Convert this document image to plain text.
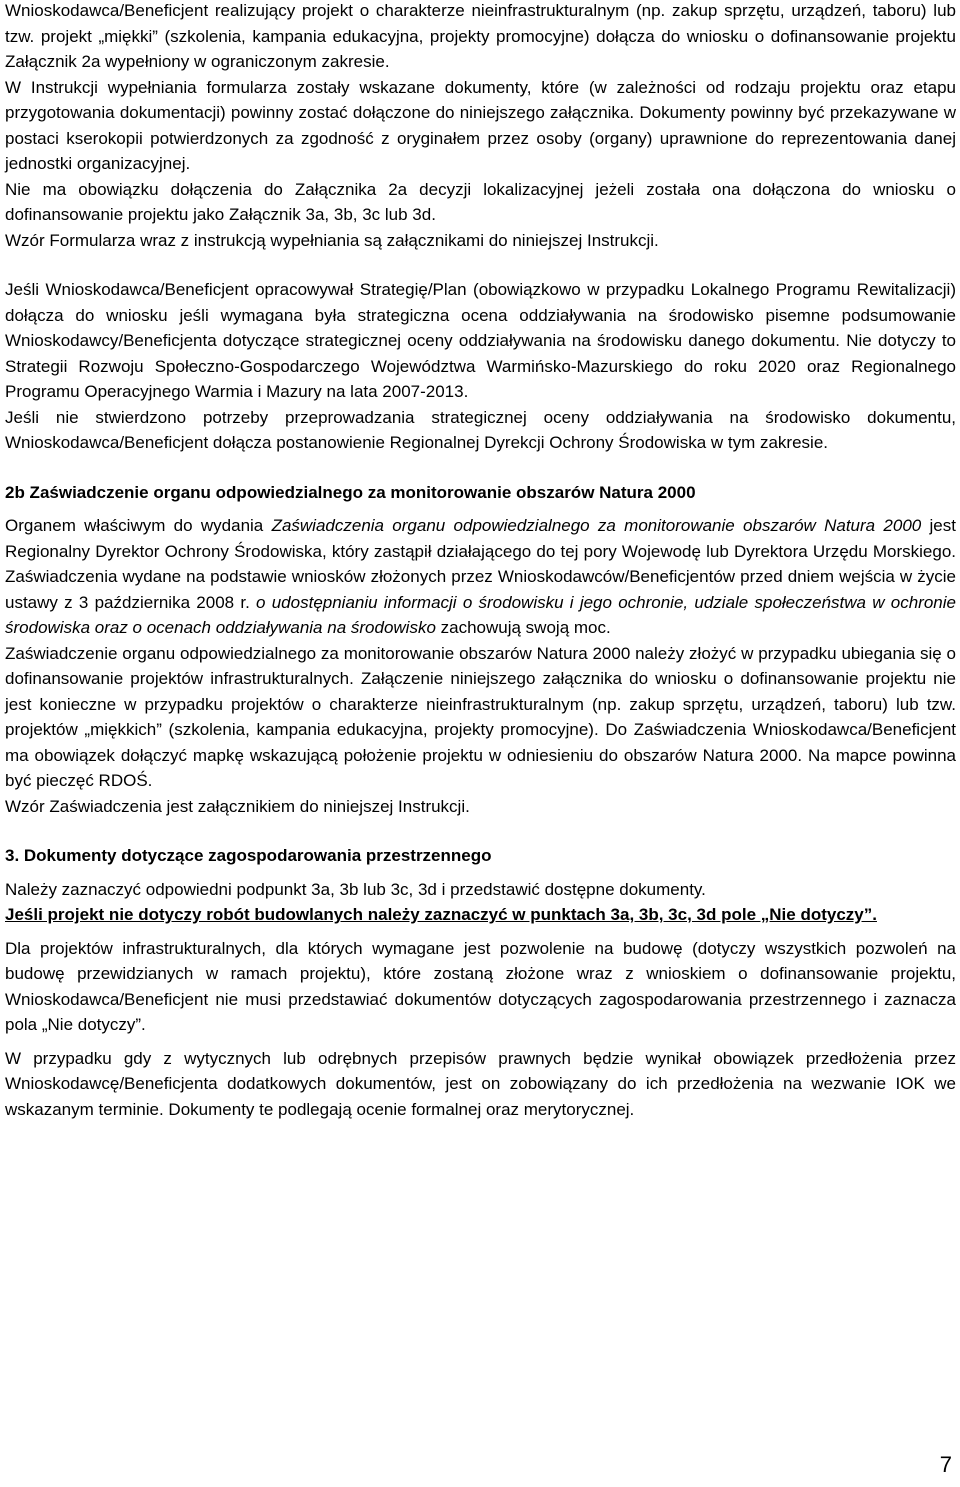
Wnioskodawca/Beneficjent realizujący projekt o charakterze nieinfrastrukturalnym (np. zakup sprzętu, urządzeń, taboru) lub tzw. projekt „miękki” (szkolenia, kampania edukacyjna, projekty promocyjne) dołącza do wniosku o dofinansowanie projektu Załącznik 2a wypełniony w ograniczonym zakresie.

W Instrukcji wypełniania formularza zostały wskazane dokumenty, które (w zależności od rodzaju projektu oraz etapu przygotowania dokumentacji) powinny zostać dołączone do niniejszego załącznika. Dokumenty powinny być przekazywane w postaci kserokopii potwierdzonych za zgodność z oryginałem przez osoby (organy) uprawnione do reprezentowania danej jednostki organizacyjnej.

Nie ma obowiązku dołączenia do Załącznika 2a decyzji lokalizacyjnej jeżeli została ona dołączona do wniosku o dofinansowanie projektu jako Załącznik 3a, 3b, 3c lub 3d.

Wzór Formularza wraz z instrukcją wypełniania są załącznikami do niniejszej Instrukcji.

Jeśli Wnioskodawca/Beneficjent opracowywał Strategię/Plan (obowiązkowo w przypadku Lokalnego Programu Rewitalizacji) dołącza do wniosku jeśli wymagana była strategiczna ocena oddziaływania na środowisko pisemne podsumowanie Wnioskodawcy/Beneficjenta dotyczące strategicznej oceny oddziaływania na środowisku danego dokumentu. Nie dotyczy to Strategii Rozwoju Społeczno-Gospodarczego Województwa Warmińsko-Mazurskiego do roku 2020 oraz Regionalnego Programu Operacyjnego Warmia i Mazury na lata 2007-2013.

Jeśli nie stwierdzono potrzeby przeprowadzania strategicznej oceny oddziaływania na środowisko dokumentu, Wnioskodawca/Beneficjent dołącza postanowienie Regionalnej Dyrekcji Ochrony Środowiska w tym zakresie.

2b Zaświadczenie organu odpowiedzialnego za monitorowanie obszarów Natura 2000

Organem właściwym do wydania Zaświadczenia organu odpowiedzialnego za monitorowanie obszarów Natura 2000 jest Regionalny Dyrektor Ochrony Środowiska, który zastąpił działającego do tej pory Wojewodę lub Dyrektora Urzędu Morskiego. Zaświadczenia wydane na podstawie wniosków złożonych przez Wnioskodawców/Beneficjentów przed dniem wejścia w życie ustawy z 3 października 2008 r. o udostępnianiu informacji o środowisku i jego ochronie, udziale społeczeństwa w ochronie środowiska oraz o ocenach oddziaływania na środowisko zachowują swoją moc.

Zaświadczenie organu odpowiedzialnego za monitorowanie obszarów Natura 2000 należy złożyć w przypadku ubiegania się o dofinansowanie projektów infrastrukturalnych. Załączenie niniejszego załącznika do wniosku o dofinansowanie projektu nie jest konieczne w przypadku projektów o charakterze nieinfrastrukturalnym (np. zakup sprzętu, urządzeń, taboru) lub tzw. projektów „miękkich” (szkolenia, kampania edukacyjna, projekty promocyjne). Do Zaświadczenia Wnioskodawca/Beneficjent ma obowiązek dołączyć mapkę wskazującą położenie projektu w odniesieniu do obszarów Natura 2000. Na mapce powinna być pieczęć RDOŚ.

Wzór Zaświadczenia jest załącznikiem do niniejszej Instrukcji.

3. Dokumenty dotyczące zagospodarowania przestrzennego

Należy zaznaczyć odpowiedni podpunkt 3a, 3b lub 3c, 3d i przedstawić dostępne dokumenty.

Jeśli projekt nie dotyczy robót budowlanych należy zaznaczyć w punktach 3a, 3b, 3c, 3d pole „Nie dotyczy”.

Dla projektów infrastrukturalnych, dla których wymagane jest pozwolenie na budowę (dotyczy wszystkich pozwoleń na budowę przewidzianych w ramach projektu), które zostaną złożone wraz z wnioskiem o dofinansowanie projektu, Wnioskodawca/Beneficjent nie musi przedstawiać dokumentów dotyczących zagospodarowania przestrzennego i zaznacza pola „Nie dotyczy”.

W przypadku gdy z wytycznych lub odrębnych przepisów prawnych będzie wynikał obowiązek przedłożenia przez Wnioskodawcę/Beneficjenta dodatkowych dokumentów, jest on zobowiązany do ich przedłożenia na wezwanie IOK we wskazanym terminie. Dokumenty te podlegają ocenie formalnej oraz merytorycznej.

7
